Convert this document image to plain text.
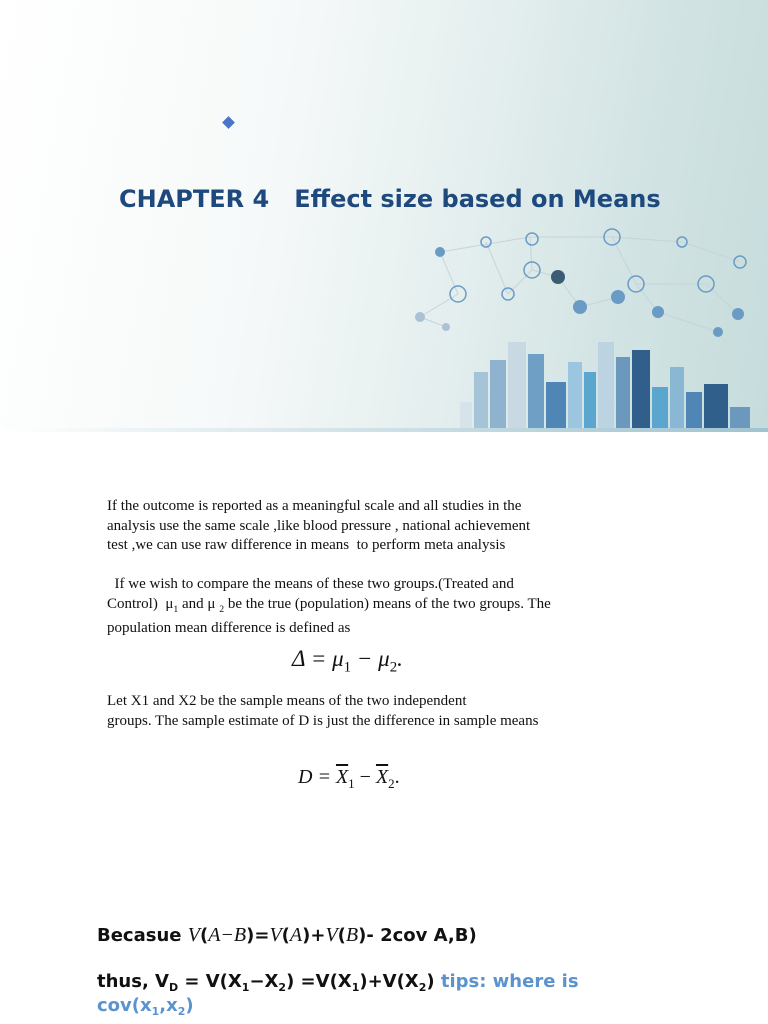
CHAPTER 4   Effect size based on Means
If the outcome is reported as a meaningful scale and all studies in the
analysis use the same scale ,like blood pressure , national achievement
test ,we can use raw difference in means  to perform meta analysis
If we wish to compare the means of these two groups.(Treated and
Control)  $\mu_1$ and μ $_2$ be the true (population) means of the two groups. The
population mean difference is defined as
$\Delta = \mu_1 - \mu_2$.
Let X1 and X2 be the sample means of the two independent
groups. The sample estimate of D is just the difference in sample means
$D = \overline{X}_1 - \overline{X}_2$.

Becasue V(A−B)=V(A)+V(B)- 2cov A,B)

thus, $V_D = V(X_1-X_2) =V(X_1)+V(X_2)$ tips: where is

$cov(x_1,x_2)$
